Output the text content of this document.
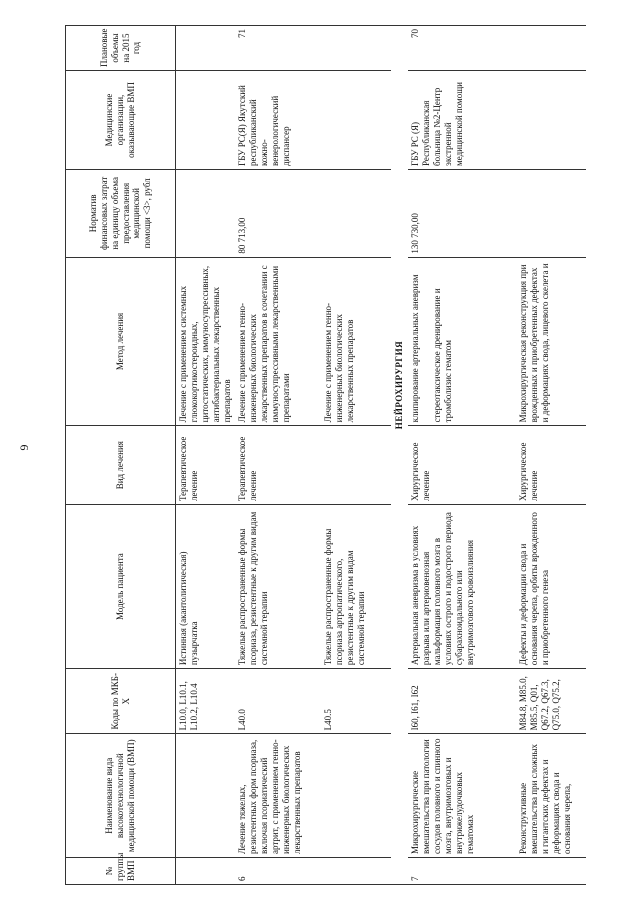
6
№ группы ВМП	Наименование вида высокотехнологичной медицинской помощи (ВМП)	Коды по МКБ-X	Модель пациента	Вид лечения	Метод лечения	Норматив финансовых затрат на единицу объема предоставления медицинской помощи <3>, рубл	Медицинские организации, оказывающие ВМП	Плановые объемы на 2015 год
		L10.0, L10.1, L10.2, L10.4	Истинная (акантолитическая) пузырчатка	Терапевтическое лечение	Лечение с применением системных глюкокортикостероидных, цитостатических, иммуносупрессивных, антибактериальных лекарственных препаратов			
6	Лечение тяжелых, резистентных форм псориаза, включая псориатический артрит, с применением генно-инженерных биологических лекарственных препаратов	L40.0	Тяжелые распространенные формы псориаза, резистентные к другим видам системной терапии	Терапевтическое лечение	Лечение с применением генно-инженерных биологических лекарственных препаратов в сочетании с иммуносупрессивными лекарственными препаратами	80 713,00	ГБУ РС(Я) Якутский республиканский кожно-венерологический диспансер	71
		L40.5	Тяжелые распространенные формы псориаза артропатического, резистентные к другим видам системной терапии		Лечение с применением генно-инженерных биологических лекарственных препаратов			
НЕЙРОХИРУРГИЯ								
7	Микрохирургические вмешательства при патологии сосудов головного и спинного мозга, внутримозговых и внутрижелудочковых гематомах	I60, I61, I62	Артериальная аневризма в условиях разрыва или артериовенозная мальформация головного мозга в условиях острого и подострого периода субарахноидального или внутримозгового кровоизлияния	Хирургическое лечение	клипирование артериальных аневризм стереотаксическое дренирование и тромболизис гематом	130 730,00	ГБУ РС (Я) Республиканская больница №2-Центр экстренной медицинской помощи	70
	Реконструктивные вмешательства при сложных и гигантских дефектах и деформациях свода и основания черепа,	M84.8, M85.0, M85.5, Q01, Q67.2, Q67.3, Q75.0, Q75.2,	Дефекты и деформации свода и основания черепа, орбиты врожденного и приобретенного генеза	Хирургическое лечение	Микрохирургическая реконструкция при врожденных и приобретенных дефектах и деформациях свода, лицевого скелета и			
